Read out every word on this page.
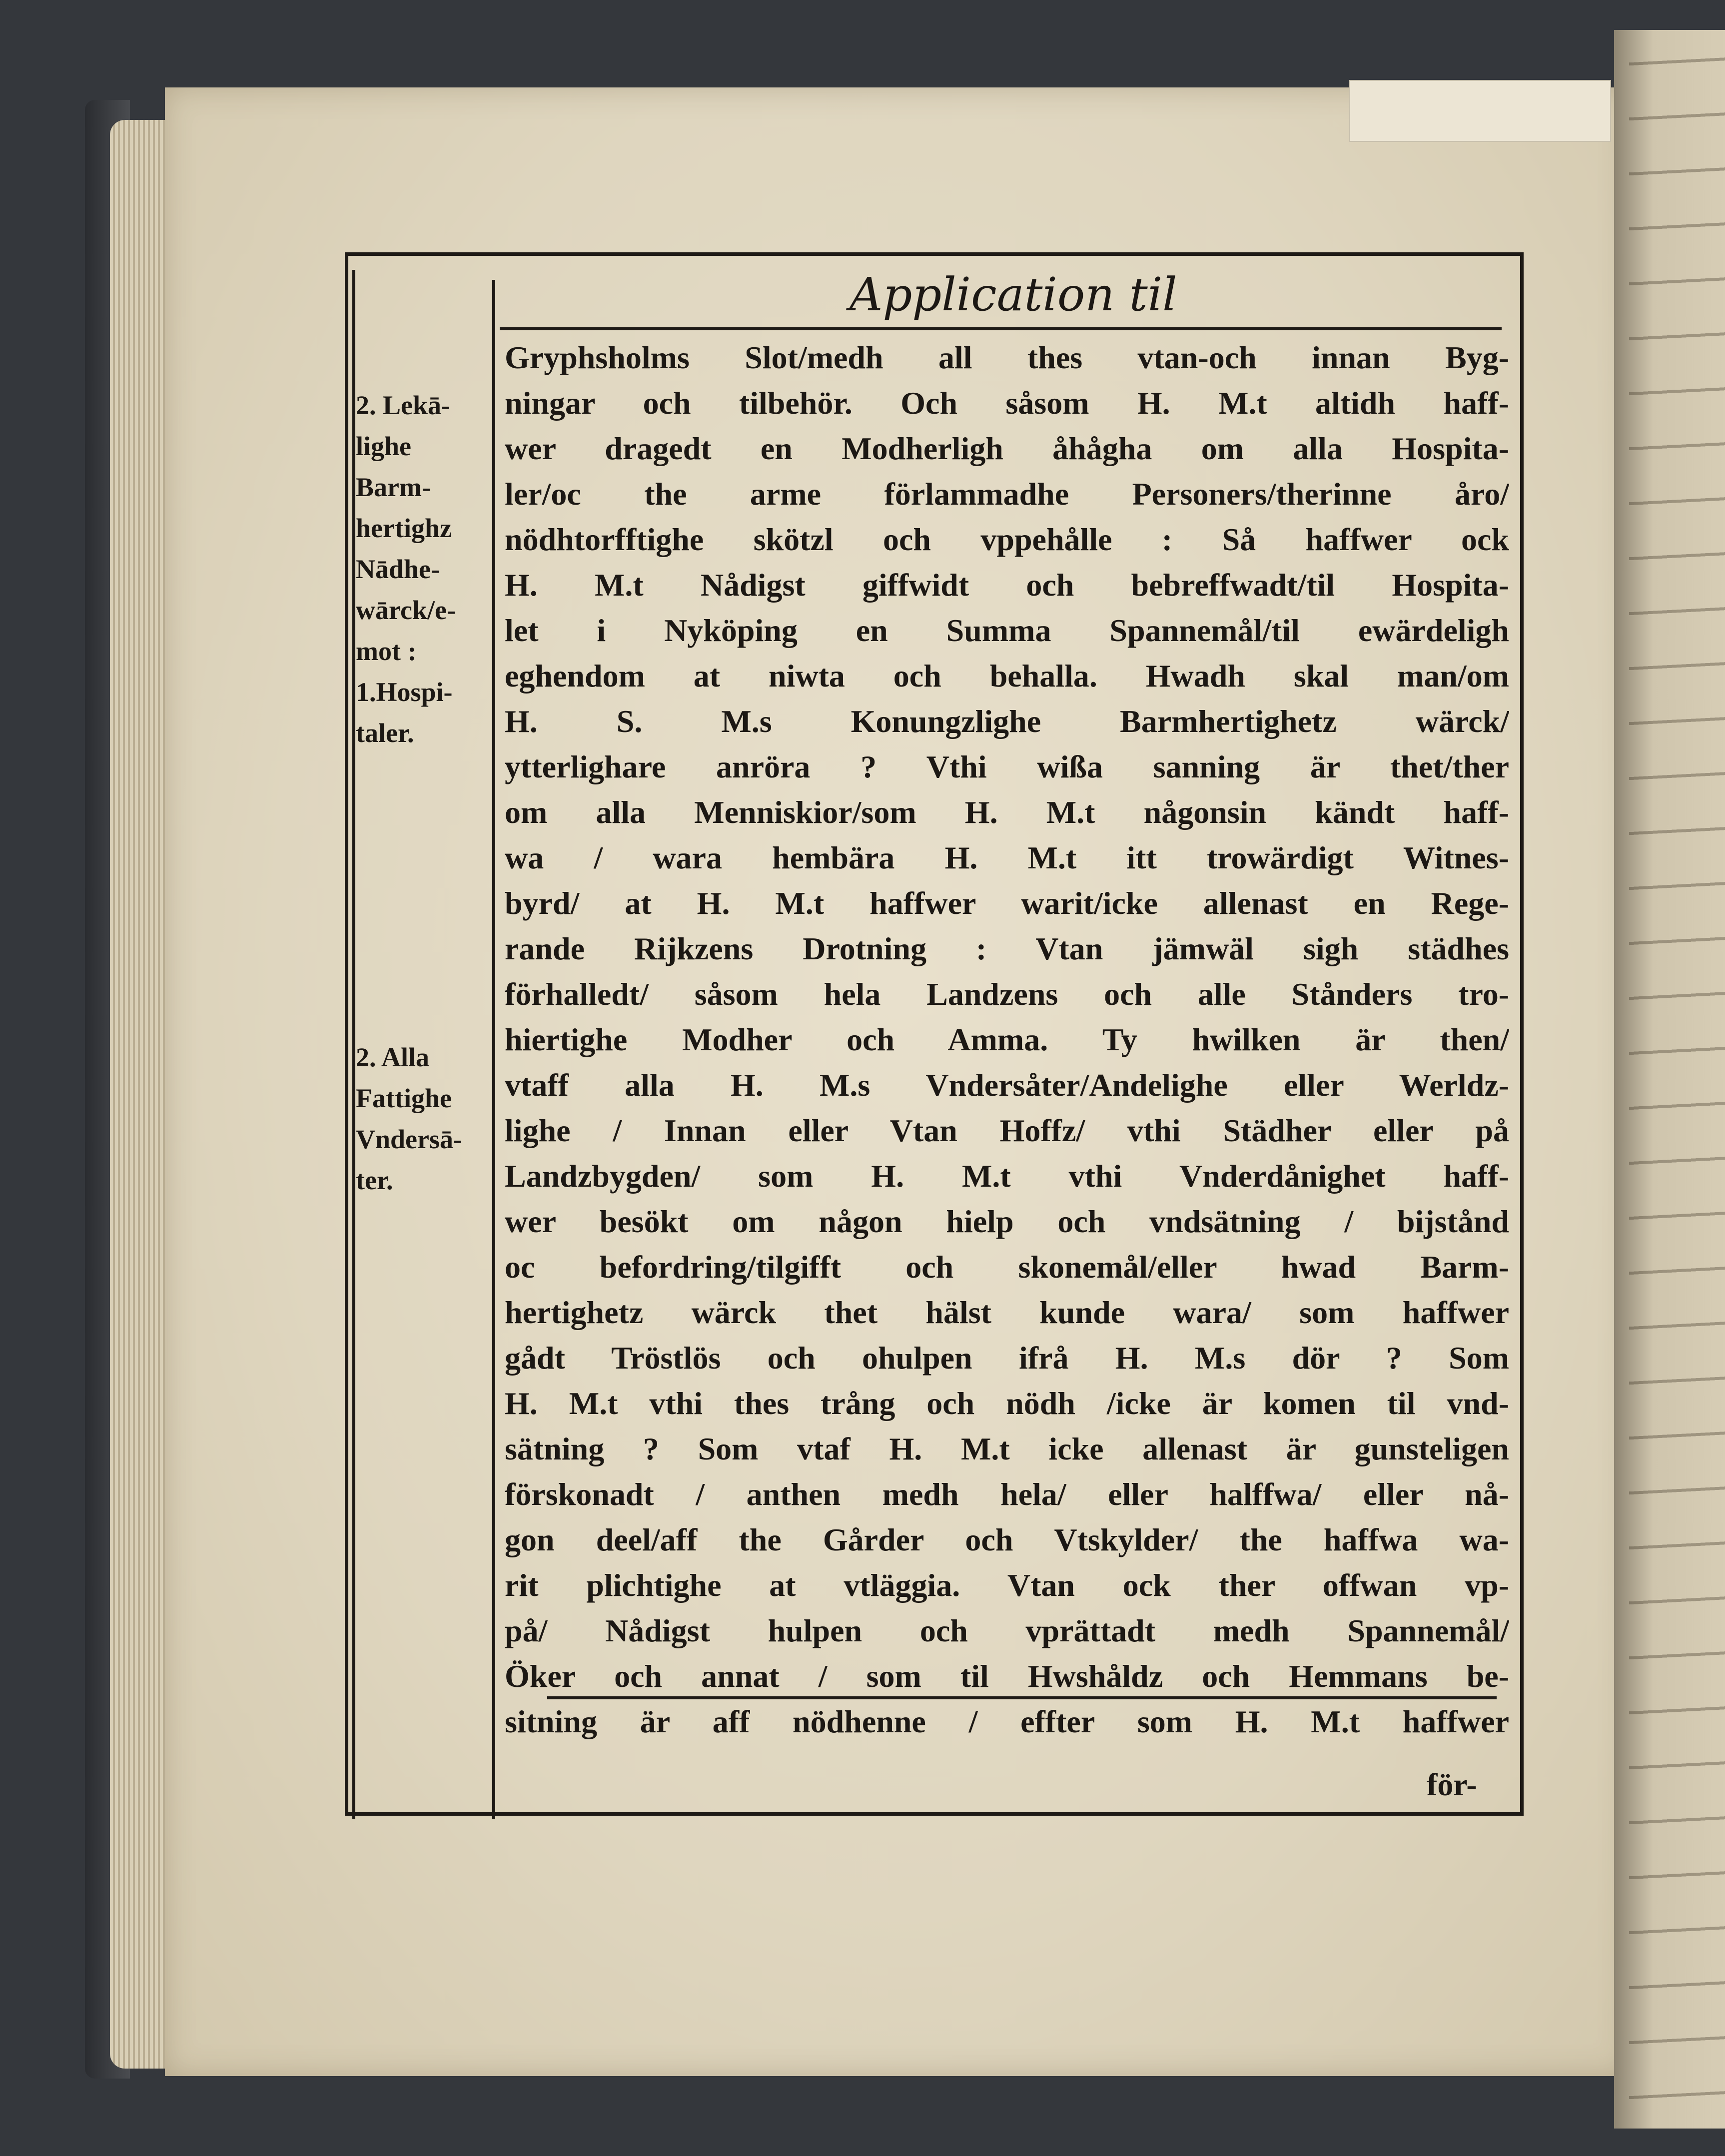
Application til
2. Lekā-
lighe
Barm-
hertighz
Nādhe-
wārck/e-
mot :
1.Hospi-
taler.
2. Alla
Fattighe
Vndersā-
ter.
Gryphsholms Slot/medh all thes vtan-och innan Byg-
ningar och tilbehör. Och såsom H. M.t altidh haff-
wer dragedt en Modherligh åhågha om alla Hospita-
ler/oc the arme förlammadhe Personers/therinne åro/
nödhtorfftighe skötzl och vppehålle : Så haffwer ock
H. M.t Nådigst giffwidt och bebreffwadt/til Hospita-
let i Nyköping en Summa Spannemål/til ewärdeligh
eghendom at niwta och behalla. Hwadh skal man/om
H. S. M.s Konungzlighe Barmhertighetz wärck/
ytterlighare anröra ? Vthi wißa sanning är thet/ther
om alla Menniskior/som H. M.t någonsin kändt haff-
wa / wara hembära H. M.t itt trowärdigt Witnes-
byrd/ at H. M.t haffwer warit/icke allenast en Rege-
rande Rijkzens Drotning : Vtan jämwäl sigh städhes
förhalledt/ såsom hela Landzens och alle Stånders tro-
hiertighe Modher och Amma. Ty hwilken är then/
vtaff alla H. M.s Vndersåter/Andelighe eller Werldz-
lighe / Innan eller Vtan Hoffz/ vthi Städher eller på
Landzbygden/ som H. M.t vthi Vnderdånighet haff-
wer besökt om någon hielp och vndsätning / bijstånd
oc befordring/tilgifft och skonemål/eller hwad Barm-
hertighetz wärck thet hälst kunde wara/ som haffwer
gådt Tröstlös och ohulpen ifrå H. M.s dör ? Som
H. M.t vthi thes trång och nödh /icke är komen til vnd-
sätning ? Som vtaf H. M.t icke allenast är gunsteligen
förskonadt / anthen medh hela/ eller halffwa/ eller nå-
gon deel/aff the Gårder och Vtskylder/ the haffwa wa-
rit plichtighe at vtläggia. Vtan ock ther offwan vp-
på/ Nådigst hulpen och vprättadt medh Spannemål/
Öker och annat / som til Hwshåldz och Hemmans be-
sitning är aff nödhenne / effter som H. M.t haffwer
för-
